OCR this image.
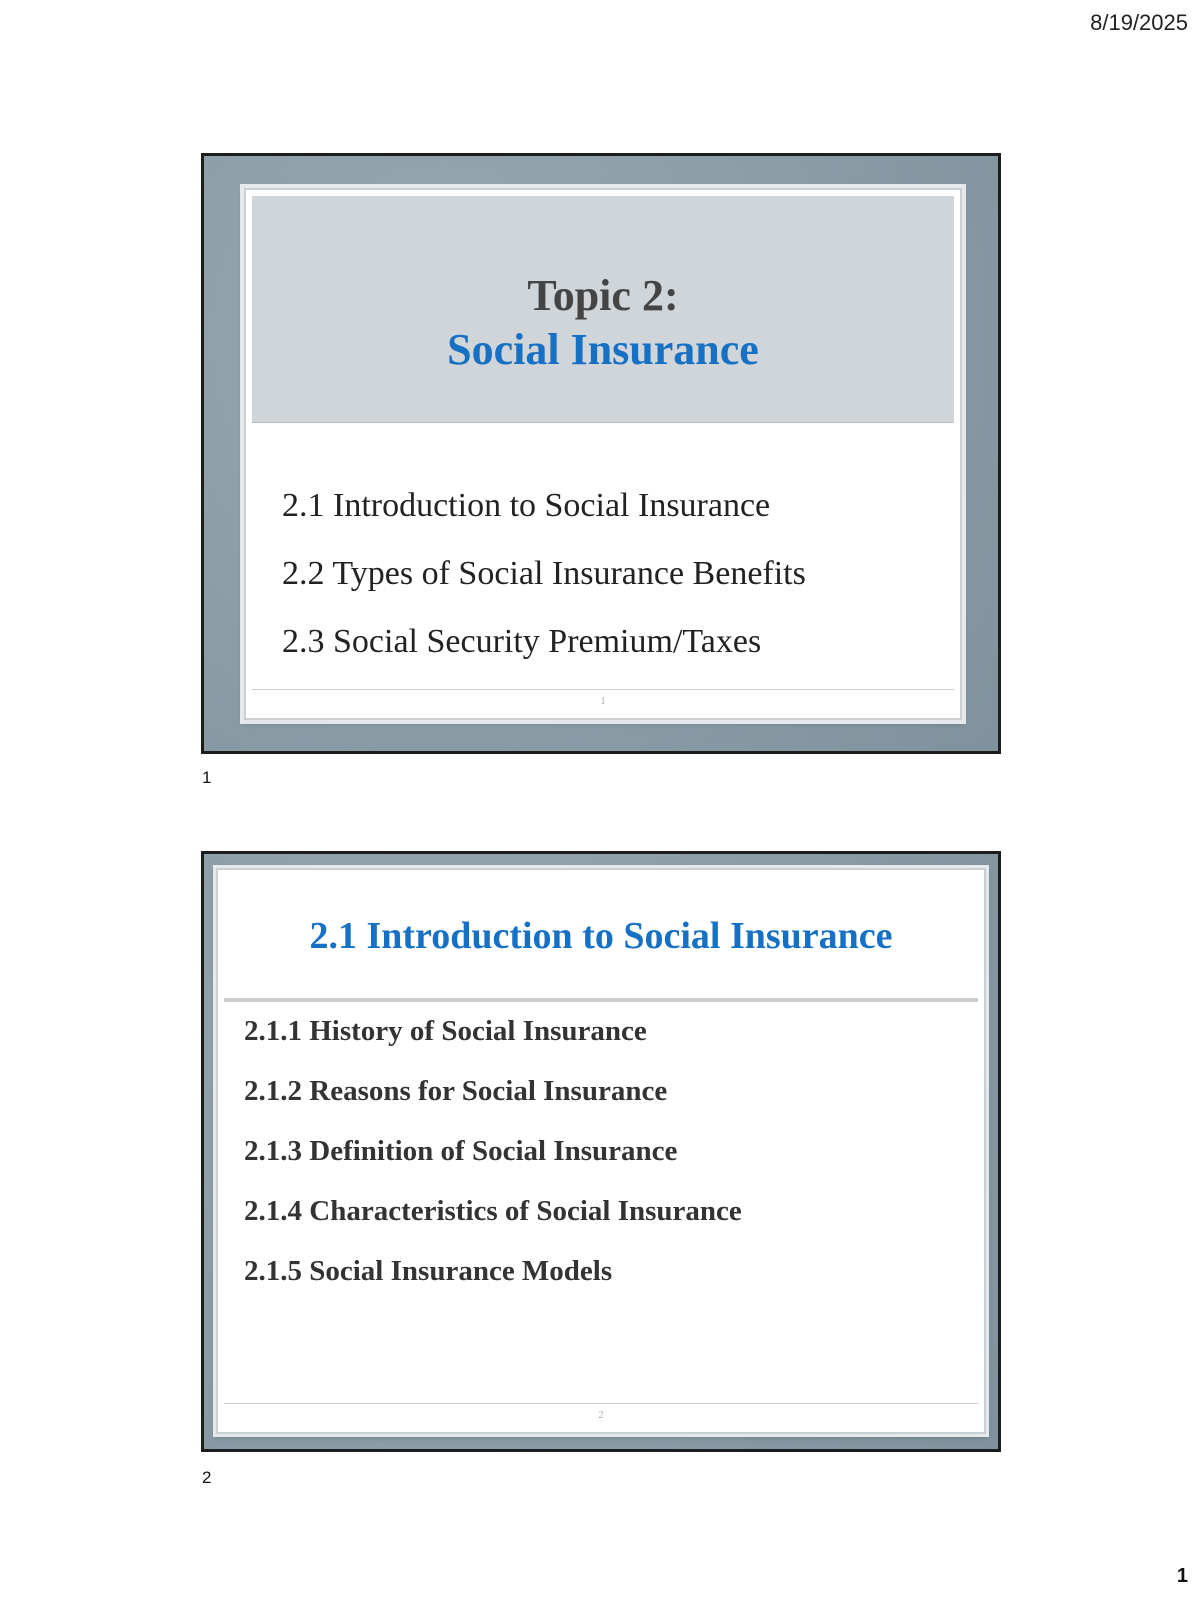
8/19/2025
Topic 2:
Social Insurance
2.1 Introduction to Social Insurance
2.2 Types of Social Insurance Benefits
2.3 Social Security Premium/Taxes
1
1
2.1 Introduction to Social Insurance
2.1.1 History of Social Insurance
2.1.2 Reasons for Social Insurance
2.1.3 Definition of Social Insurance
2.1.4 Characteristics of Social Insurance
2.1.5 Social Insurance Models
2
2
1
